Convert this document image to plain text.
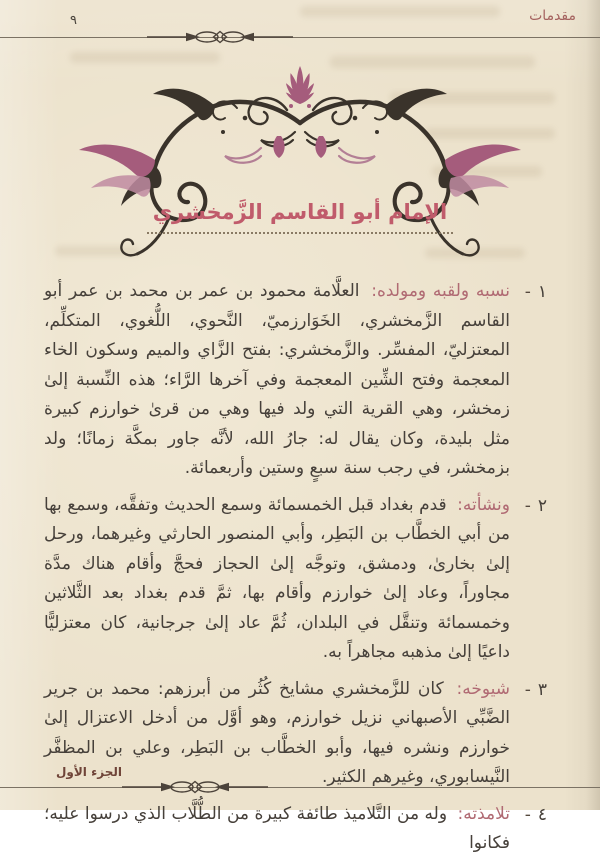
مقدمات
٩
الإمام أبو القاسم الزَّمخشري

١-
نسبه ولقبه ومولده: العلَّامة محمود بن عمر بن محمد بن عمر أبو القاسم الزَّمخشري، الخَوَارزميّ، النَّحوي، اللُّغوي، المتكلِّم، المعتزليّ، المفسِّر. والزَّمخشري: بفتح الزَّاي والميم وسكون الخاء المعجمة وفتح الشِّين المعجمة وفي آخرها الرَّاء؛ هذه النِّسبة إلىٰ زمخشر، وهي القرية التي ولد فيها وهي من قرىٰ خوارزم كبيرة مثل بليدة، وكان يقال له: جارُ الله، لأنَّه جاور بمكَّة زمانًا؛ ولد بزمخشر، في رجب سنة سبعٍ وستين وأربعمائة.

٢-
ونشأته: قدم بغداد قبل الخمسمائة وسمع الحديث وتفقَّه، وسمع بها من أبي الخطَّاب بن البَطِر، وأبي المنصور الحارثي وغيرهما، ورحل إلىٰ بخارىٰ، ودمشق، وتوجَّه إلىٰ الحجاز فحجَّ وأقام هناك مدَّة مجاوراً، وعاد إلىٰ خوارزم وأقام بها، ثمَّ قدم بغداد بعد الثَّلاثين وخمسمائة وتنقَّل في البلدان، ثُمَّ عاد إلىٰ جرجانية، كان معتزليًّا داعيًا إلىٰ مذهبه مجاهراً به.

٣-
شيوخه: كان للزَّمخشري مشايخ كُثُر من أبرزهم: محمد بن جرير الضَّبِّي الأصبهاني نزيل خوارزم، وهو أوَّل من أدخل الاعتزال إلىٰ خوارزم ونشره فيها، وأبو الخطَّاب بن البَطِر، وعلي بن المظفَّر النَّيسابوري، وغيرهم الكثير.

٤-
تلامذته: وله من التَّلاميذ طائفة كبيرة من الطُّلَّاب الذي درسوا عليه؛ فكانوا

الجزء الأول
